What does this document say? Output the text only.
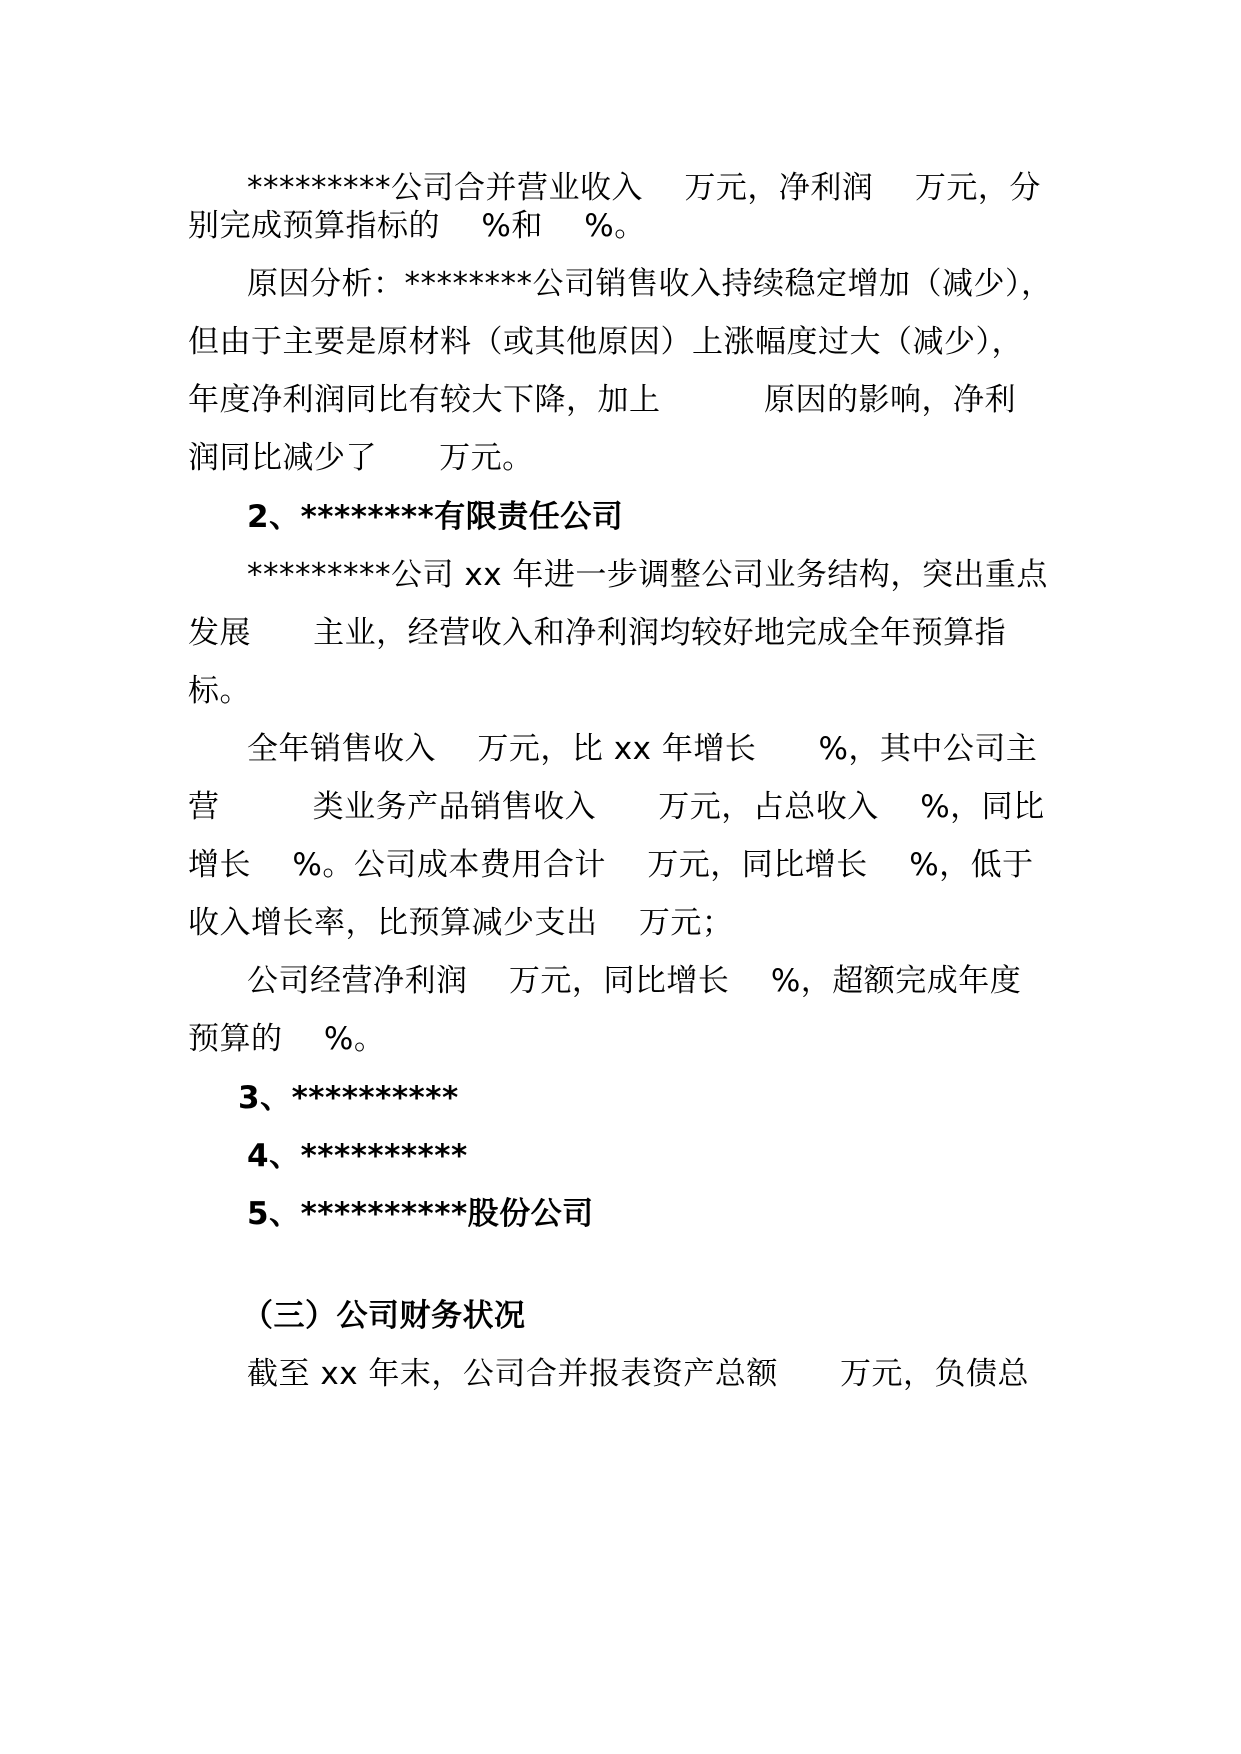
*********公司合并营业收入    万元，净利润    万元，分
别完成预算指标的    %和    %。
原因分析：********公司销售收入持续稳定增加（减少），
但由于主要是原材料（或其他原因）上涨幅度过大（减少），
年度净利润同比有较大下降，加上          原因的影响，净利
润同比减少了      万元。
2、********有限责任公司
*********公司 xx 年进一步调整公司业务结构，突出重点
发展      主业，经营收入和净利润均较好地完成全年预算指
标。
全年销售收入    万元，比 xx 年增长      %，其中公司主
营         类业务产品销售收入      万元，占总收入    %，同比
增长    %。公司成本费用合计    万元，同比增长    %，低于
收入增长率，比预算减少支出    万元；
公司经营净利润    万元，同比增长    %，超额完成年度
预算的    %。
3、**********
4、**********
5、**********股份公司
（三）公司财务状况
截至 xx 年末，公司合并报表资产总额      万元，负债总
